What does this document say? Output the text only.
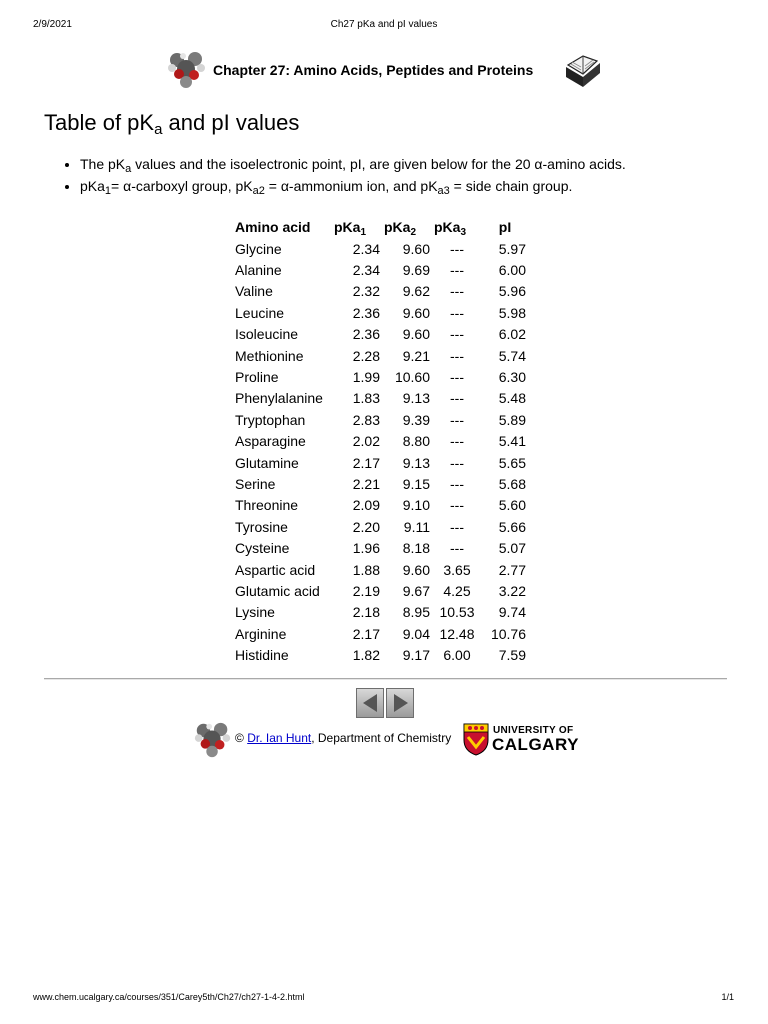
2/9/2021	Ch27 pKa and pI values
Chapter 27: Amino Acids, Peptides and Proteins
Table of $pK_a$ and pI values
• The $pK_a$ values and the isoelectronic point, pI, are given below for the 20 α-amino acids.
• pKa$_1$= α-carboxyl group, $pK_{a2}$ = α-ammonium ion, and $pK_{a3}$ = side chain group.
Amino acid	pKa$_1$	pKa$_2$	pKa$_3$	pI
Glycine	2.34	9.60	---	5.97
Alanine	2.34	9.69	---	6.00
Valine	2.32	9.62	---	5.96
Leucine	2.36	9.60	---	5.98
Isoleucine	2.36	9.60	---	6.02
Methionine	2.28	9.21	---	5.74
Proline	1.99	10.60	---	6.30
Phenylalanine	1.83	9.13	---	5.48
Tryptophan	2.83	9.39	---	5.89
Asparagine	2.02	8.80	---	5.41
Glutamine	2.17	9.13	---	5.65
Serine	2.21	9.15	---	5.68
Threonine	2.09	9.10	---	5.60
Tyrosine	2.20	9.11	---	5.66
Cysteine	1.96	8.18	---	5.07
Aspartic acid	1.88	9.60	3.65	2.77
Glutamic acid	2.19	9.67	4.25	3.22
Lysine	2.18	8.95	10.53	9.74
Arginine	2.17	9.04	12.48	10.76
Histidine	1.82	9.17	6.00	7.59
© Dr. Ian Hunt, Department of Chemistry
UNIVERSITY OF
CALGARY
www.chem.ucalgary.ca/courses/351/Carey5th/Ch27/ch27-1-4-2.html	1/1
